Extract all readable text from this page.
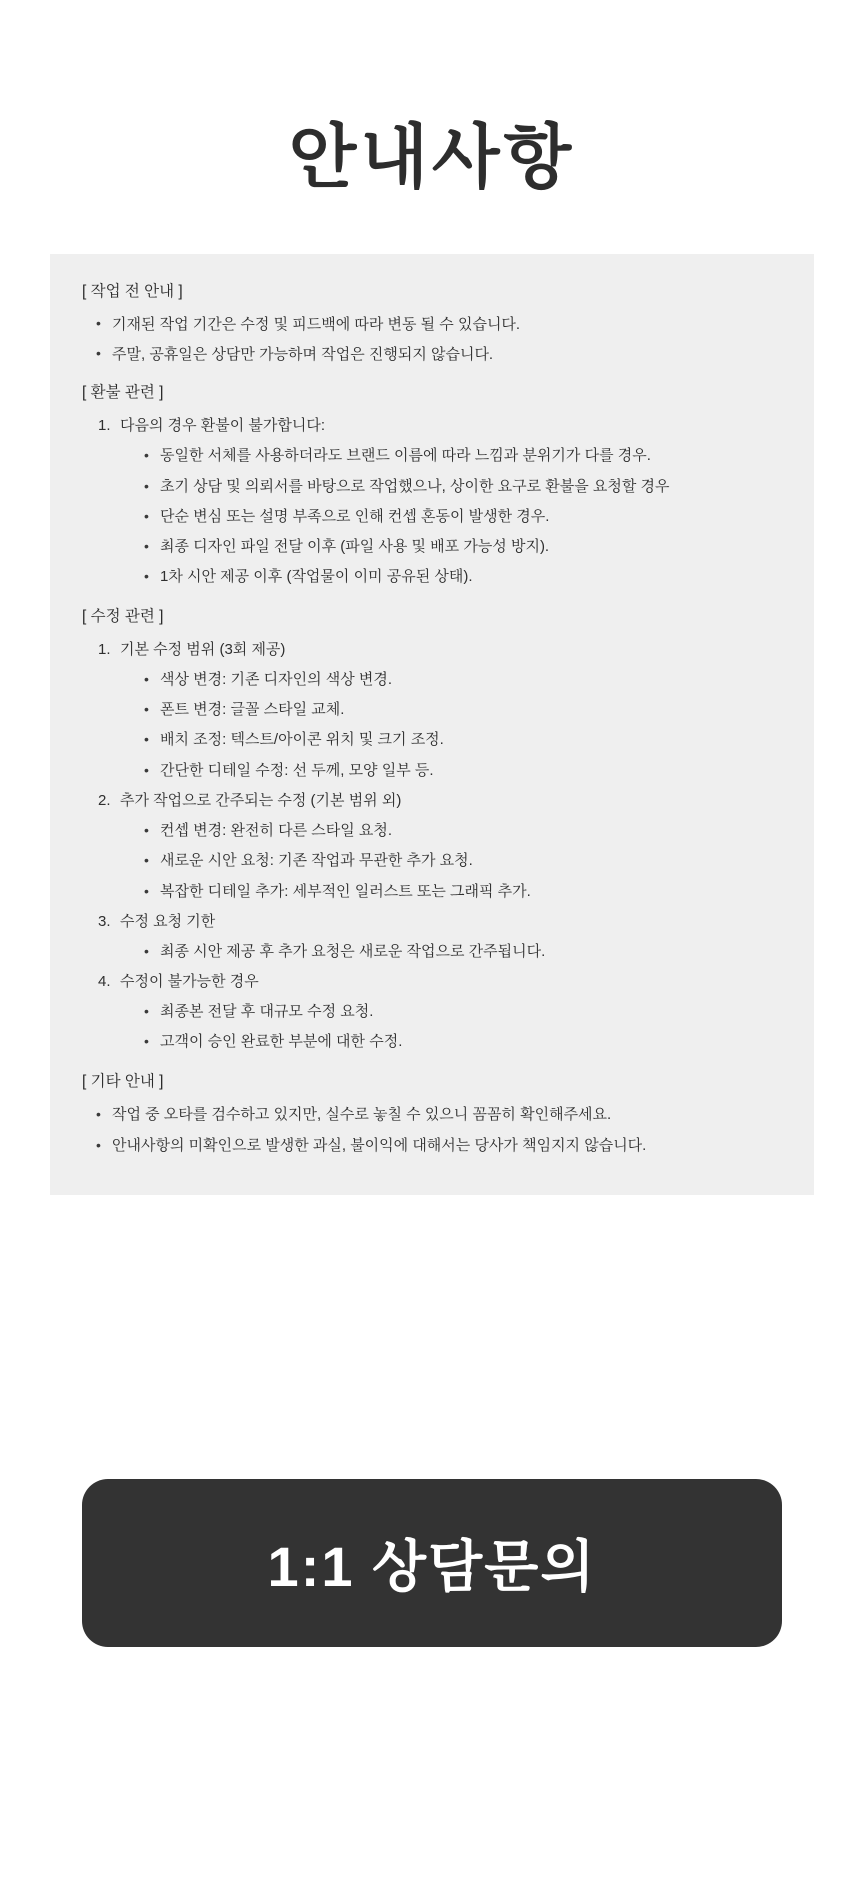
안내사항
[ 작업 전 안내 ]
• 기재된 작업 기간은 수정 및 피드백에 따라 변동 될 수 있습니다.
• 주말, 공휴일은 상담만 가능하며 작업은 진행되지 않습니다.
[ 환불 관련 ]
다음의 경우 환불이 불가합니다:
• 동일한 서체를 사용하더라도 브랜드 이름에 따라 느낌과 분위기가 다를 경우.
• 초기 상담 및 의뢰서를 바탕으로 작업했으나, 상이한 요구로 환불을 요청할 경우
• 단순 변심 또는 설명 부족으로 인해 컨셉 혼동이 발생한 경우.
• 최종 디자인 파일 전달 이후 (파일 사용 및 배포 가능성 방지).
• 1차 시안 제공 이후 (작업물이 이미 공유된 상태).
[ 수정 관련 ]
기본 수정 범위 (3회 제공)
• 색상 변경: 기존 디자인의 색상 변경.
• 폰트 변경: 글꼴 스타일 교체.
• 배치 조정: 텍스트/아이콘 위치 및 크기 조정.
• 간단한 디테일 수정: 선 두께, 모양 일부 등.
추가 작업으로 간주되는 수정 (기본 범위 외)
• 컨셉 변경: 완전히 다른 스타일 요청.
• 새로운 시안 요청: 기존 작업과 무관한 추가 요청.
• 복잡한 디테일 추가: 세부적인 일러스트 또는 그래픽 추가.
수정 요청 기한
• 최종 시안 제공 후 추가 요청은 새로운 작업으로 간주됩니다.
수정이 불가능한 경우
• 최종본 전달 후 대규모 수정 요청.
• 고객이 승인 완료한 부분에 대한 수정.
[ 기타 안내 ]
• 작업 중 오타를 검수하고 있지만, 실수로 놓칠 수 있으니 꼼꼼히 확인해주세요.
• 안내사항의 미확인으로 발생한 과실, 불이익에 대해서는 당사가 책임지지 않습니다.
1:1 상담문의
